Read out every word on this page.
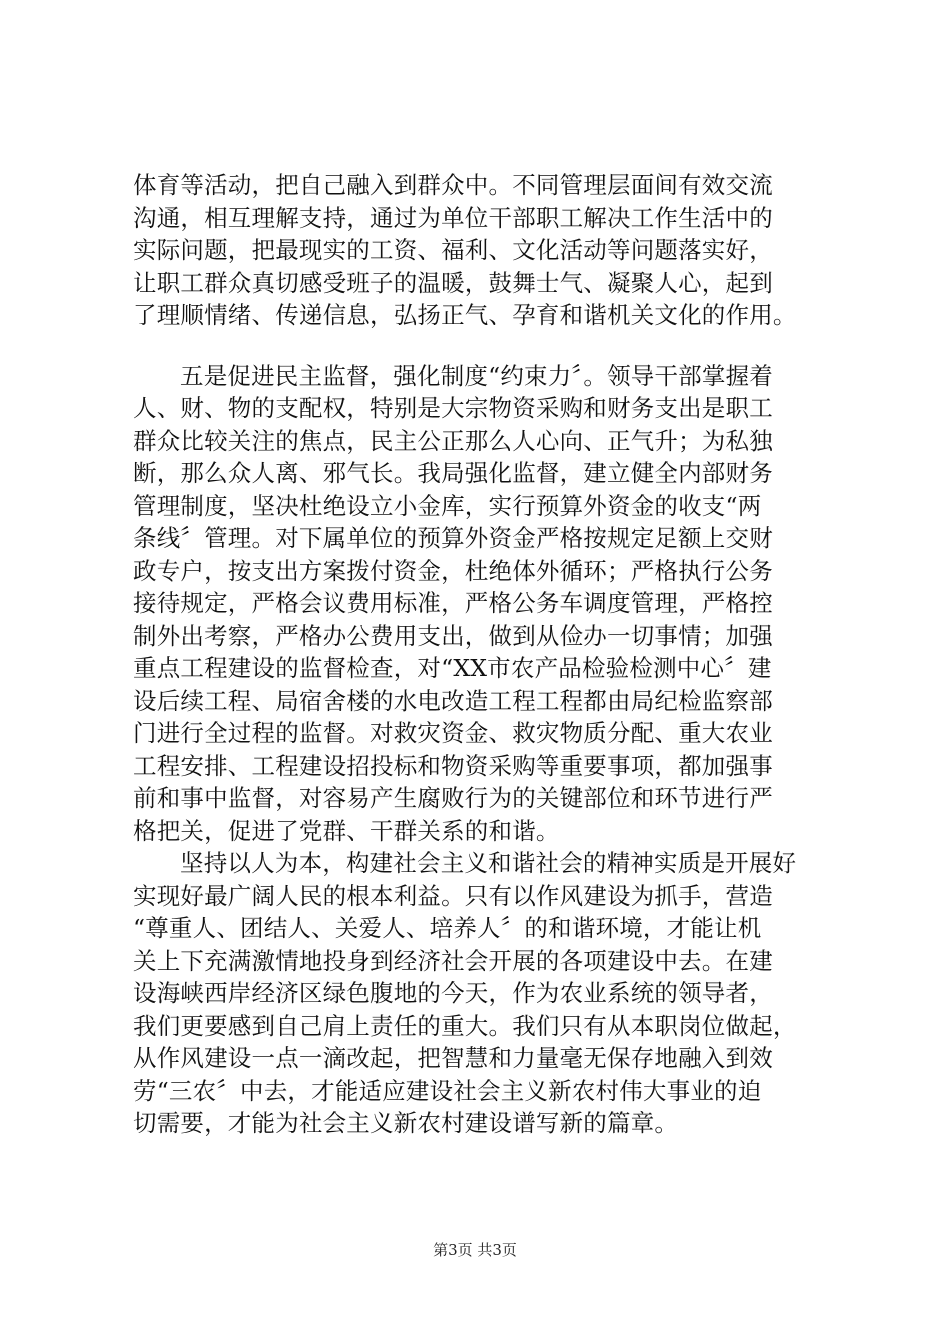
体育等活动，把自己融入到群众中。不同管理层面间有效交流
沟通，相互理解支持，通过为单位干部职工解决工作生活中的
实际问题，把最现实的工资、福利、文化活动等问题落实好，
让职工群众真切感受班子的温暖，鼓舞士气、凝聚人心，起到
了理顺情绪、传递信息，弘扬正气、孕育和谐机关文化的作用。
五是促进民主监督，强化制度“约束力〞。领导干部掌握着
人、财、物的支配权，特别是大宗物资采购和财务支出是职工
群众比较关注的焦点，民主公正那么人心向、正气升；为私独
断，那么众人离、邪气长。我局强化监督，建立健全内部财务
管理制度，坚决杜绝设立小金库，实行预算外资金的收支“两
条线〞管理。对下属单位的预算外资金严格按规定足额上交财
政专户，按支出方案拨付资金，杜绝体外循环；严格执行公务
接待规定，严格会议费用标准，严格公务车调度管理，严格控
制外出考察，严格办公费用支出，做到从俭办一切事情；加强
重点工程建设的监督检查，对“XX市农产品检验检测中心〞建
设后续工程、局宿舍楼的水电改造工程工程都由局纪检监察部
门进行全过程的监督。对救灾资金、救灾物质分配、重大农业
工程安排、工程建设招投标和物资采购等重要事项，都加强事
前和事中监督，对容易产生腐败行为的关键部位和环节进行严
格把关，促进了党群、干群关系的和谐。
坚持以人为本，构建社会主义和谐社会的精神实质是开展好
实现好最广阔人民的根本利益。只有以作风建设为抓手，营造
“尊重人、团结人、关爱人、培养人〞的和谐环境，才能让机
关上下充满激情地投身到经济社会开展的各项建设中去。在建
设海峡西岸经济区绿色腹地的今天，作为农业系统的领导者，
我们更要感到自己肩上责任的重大。我们只有从本职岗位做起，
从作风建设一点一滴改起，把智慧和力量毫无保存地融入到效
劳“三农〞中去，才能适应建设社会主义新农村伟大事业的迫
切需要，才能为社会主义新农村建设谱写新的篇章。
第3页 共3页
